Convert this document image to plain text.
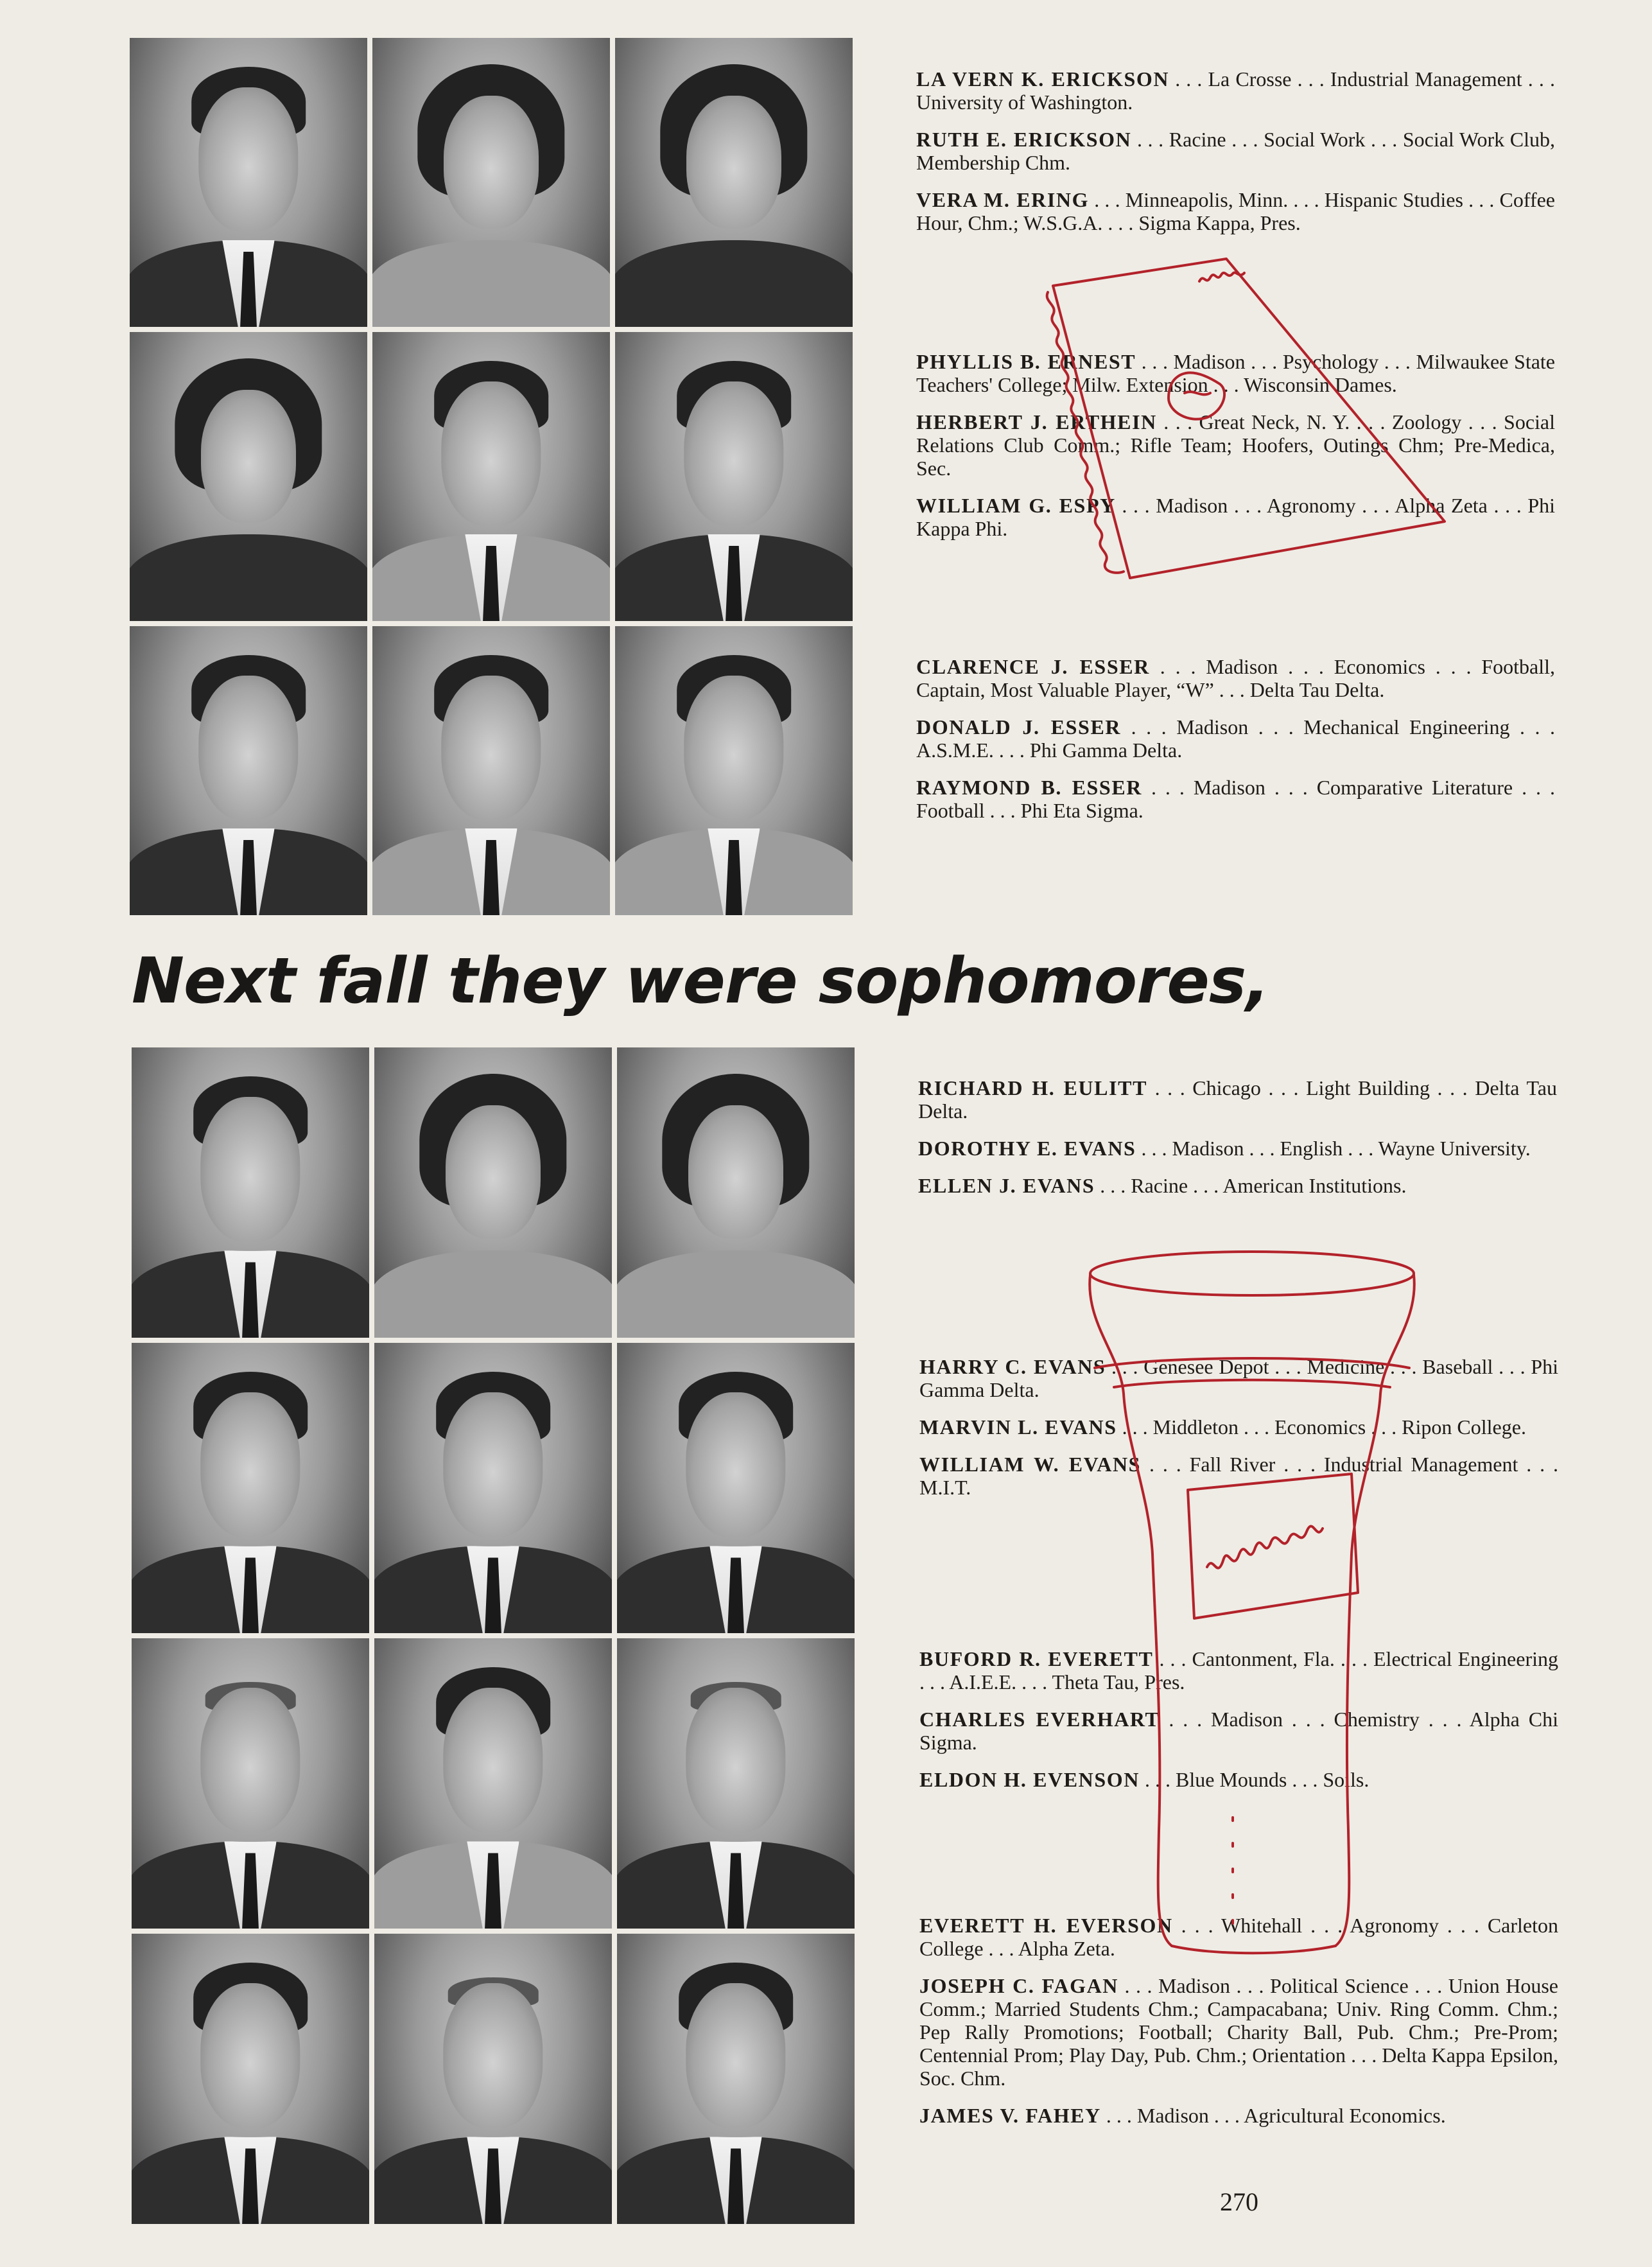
LA VERN K. ERICKSON . . . La Crosse . . . Industrial Management . . . University of Washington.

RUTH E. ERICKSON . . . Racine . . . Social Work . . . Social Work Club, Membership Chm.

VERA M. ERING . . . Minneapolis, Minn. . . . Hispanic Studies . . . Coffee Hour, Chm.; W.S.G.A. . . . Sigma Kappa, Pres.

PHYLLIS B. ERNEST . . . Madison . . . Psychology . . . Milwaukee State Teachers' College; Milw. Extension . . . Wisconsin Dames.

HERBERT J. ERTHEIN . . . Great Neck, N. Y. . . . Zoology . . . Social Relations Club Comm.; Rifle Team; Hoofers, Outings Chm; Pre-Medica, Sec.

WILLIAM G. ESPY . . . Madison . . . Agronomy . . . Alpha Zeta . . . Phi Kappa Phi.

CLARENCE J. ESSER . . . Madison . . . Economics . . . Football, Captain, Most Valuable Player, “W” . . . Delta Tau Delta.

DONALD J. ESSER . . . Madison . . . Mechanical Engineering . . . A.S.M.E. . . . Phi Gamma Delta.

RAYMOND B. ESSER . . . Madison . . . Comparative Literature . . . Football . . . Phi Eta Sigma.

Next fall they were sophomores,

RICHARD H. EULITT . . . Chicago . . . Light Building . . . Delta Tau Delta.

DOROTHY E. EVANS . . . Madison . . . English . . . Wayne University.

ELLEN J. EVANS . . . Racine . . . American Institutions.

HARRY C. EVANS . . . Genesee Depot . . . Medicine . . . Baseball . . . Phi Gamma Delta.

MARVIN L. EVANS . . . Middleton . . . Economics . . . Ripon College.

WILLIAM W. EVANS . . . Fall River . . . Industrial Management . . . M.I.T.

BUFORD R. EVERETT . . . Cantonment, Fla. . . . Electrical Engineering . . . A.I.E.E. . . . Theta Tau, Pres.

CHARLES EVERHART . . . Madison . . . Chemistry . . . Alpha Chi Sigma.

ELDON H. EVENSON . . . Blue Mounds . . . Soils.

EVERETT H. EVERSON . . . Whitehall . . . Agronomy . . . Carleton College . . . Alpha Zeta.

JOSEPH C. FAGAN . . . Madison . . . Political Science . . . Union House Comm.; Married Students Chm.; Campacabana; Univ. Ring Comm. Chm.; Pep Rally Promotions; Football; Charity Ball, Pub. Chm.; Pre-Prom; Centennial Prom; Play Day, Pub. Chm.; Orientation . . . Delta Kappa Epsilon, Soc. Chm.

JAMES V. FAHEY . . . Madison . . . Agricultural Economics.

270
